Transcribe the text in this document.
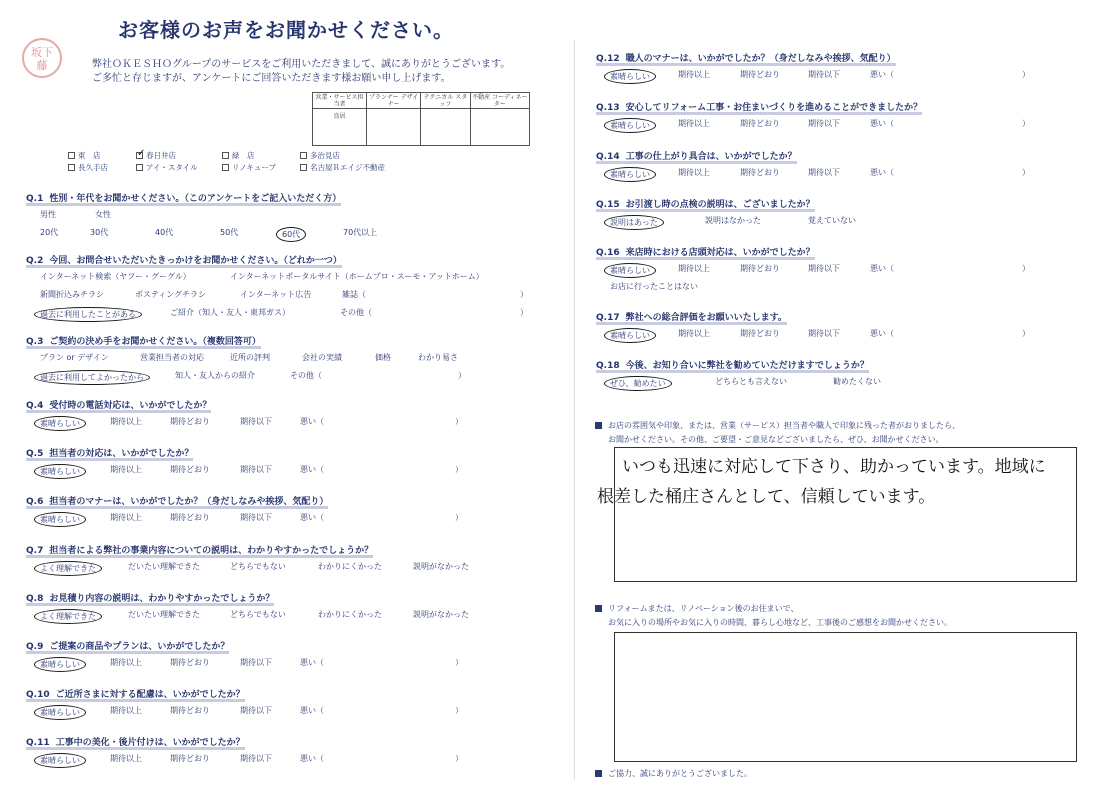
坂下
藤
お客様のお声をお聞かせください。
弊社ＯＫＥＳＨＯグループのサービスをご利用いただきまして、誠にありがとうございます。
ご多忙と存じますが、アンケートにご回答いただきます様お願い申し上げます。
営業・サービス担当者	プランナー デザイナー	テクニカル スタッフ	不動産 コーディネーター
鳥居			
東　店 ✓	春日井店	緑　店	多治見店
長久手店	アイ・スタイル	リノキューブ	名古屋Ｒエイジ不動産
Q.1 性別・年代をお聞かせください。（このアンケートをご記入いただく方）
男性	女性
20代	30代	40代	50代	60代	70代以上
Q.2 今回、お問合せいただいたきっかけをお聞かせください。（どれか一つ）
インターネット検索（ヤフー・グーグル）	インターネットポータルサイト（ホームプロ・スーモ・アットホーム）
新聞折込みチラシ	ポスティングチラシ	インターネット広告	雑誌（	）
過去に利用したことがある	ご紹介（知人・友人・東邦ガス）	その他（	）
Q.3 ご契約の決め手をお聞かせください。（複数回答可）
プラン or デザイン	営業担当者の対応	近所の評判	会社の実績	価格	わかり易さ
過去に利用してよかったから	知人・友人からの紹介	その他（	）
Q.4 受付時の電話対応は、いかがでしたか？
素晴らしい	期待以上	期待どおり	期待以下	悪い（	）
Q.5 担当者の対応は、いかがでしたか？
素晴らしい	期待以上	期待どおり	期待以下	悪い（	）
Q.6 担当者のマナーは、いかがでしたか？（身だしなみや挨拶、気配り）
素晴らしい	期待以上	期待どおり	期待以下	悪い（	）
Q.7 担当者による弊社の事業内容についての説明は、わかりやすかったでしょうか？
よく理解できた	だいたい理解できた	どちらでもない	わかりにくかった	説明がなかった
Q.8 お見積り内容の説明は、わかりやすかったでしょうか？
よく理解できた	だいたい理解できた	どちらでもない	わかりにくかった	説明がなかった
Q.9 ご提案の商品やプランは、いかがでしたか？
素晴らしい	期待以上	期待どおり	期待以下	悪い（	）
Q.10 ご近所さまに対する配慮は、いかがでしたか？
素晴らしい	期待以上	期待どおり	期待以下	悪い（	）
Q.11 工事中の美化・後片付けは、いかがでしたか？
素晴らしい	期待以上	期待どおり	期待以下	悪い（	）
Q.12 職人のマナーは、いかがでしたか？（身だしなみや挨拶、気配り）
素晴らしい	期待以上	期待どおり	期待以下	悪い（	）
Q.13 安心してリフォーム工事・お住まいづくりを進めることができましたか？
素晴らしい	期待以上	期待どおり	期待以下	悪い（	）
Q.14 工事の仕上がり具合は、いかがでしたか？
素晴らしい	期待以上	期待どおり	期待以下	悪い（	）
Q.15 お引渡し時の点検の説明は、ございましたか？
説明はあった	説明はなかった	覚えていない
Q.16 来店時における店頭対応は、いかがでしたか？
素晴らしい	期待以上	期待どおり	期待以下	悪い（	）
お店に行ったことはない
Q.17 弊社への総合評価をお願いいたします。
素晴らしい	期待以上	期待どおり	期待以下	悪い（	）
Q.18 今後、お知り合いに弊社を勧めていただけますでしょうか？
ぜひ、勧めたい	どちらとも言えない	勧めたくない
お店の雰囲気や印象、または、営業（サービス）担当者や職人で印象に残った者がおりましたら、
お聞かせください。その他、ご要望・ご意見などございましたら、ぜひ、お聞かせください。
いつも迅速に対応して下さり、助かっています。地域に
根差した桶庄さんとして、信頼しています。
リフォームまたは、リノベーション後のお住まいで、
お気に入りの場所やお気に入りの時間、暮らし心地など、工事後のご感想をお聞かせください。
ご協力、誠にありがとうございました。
